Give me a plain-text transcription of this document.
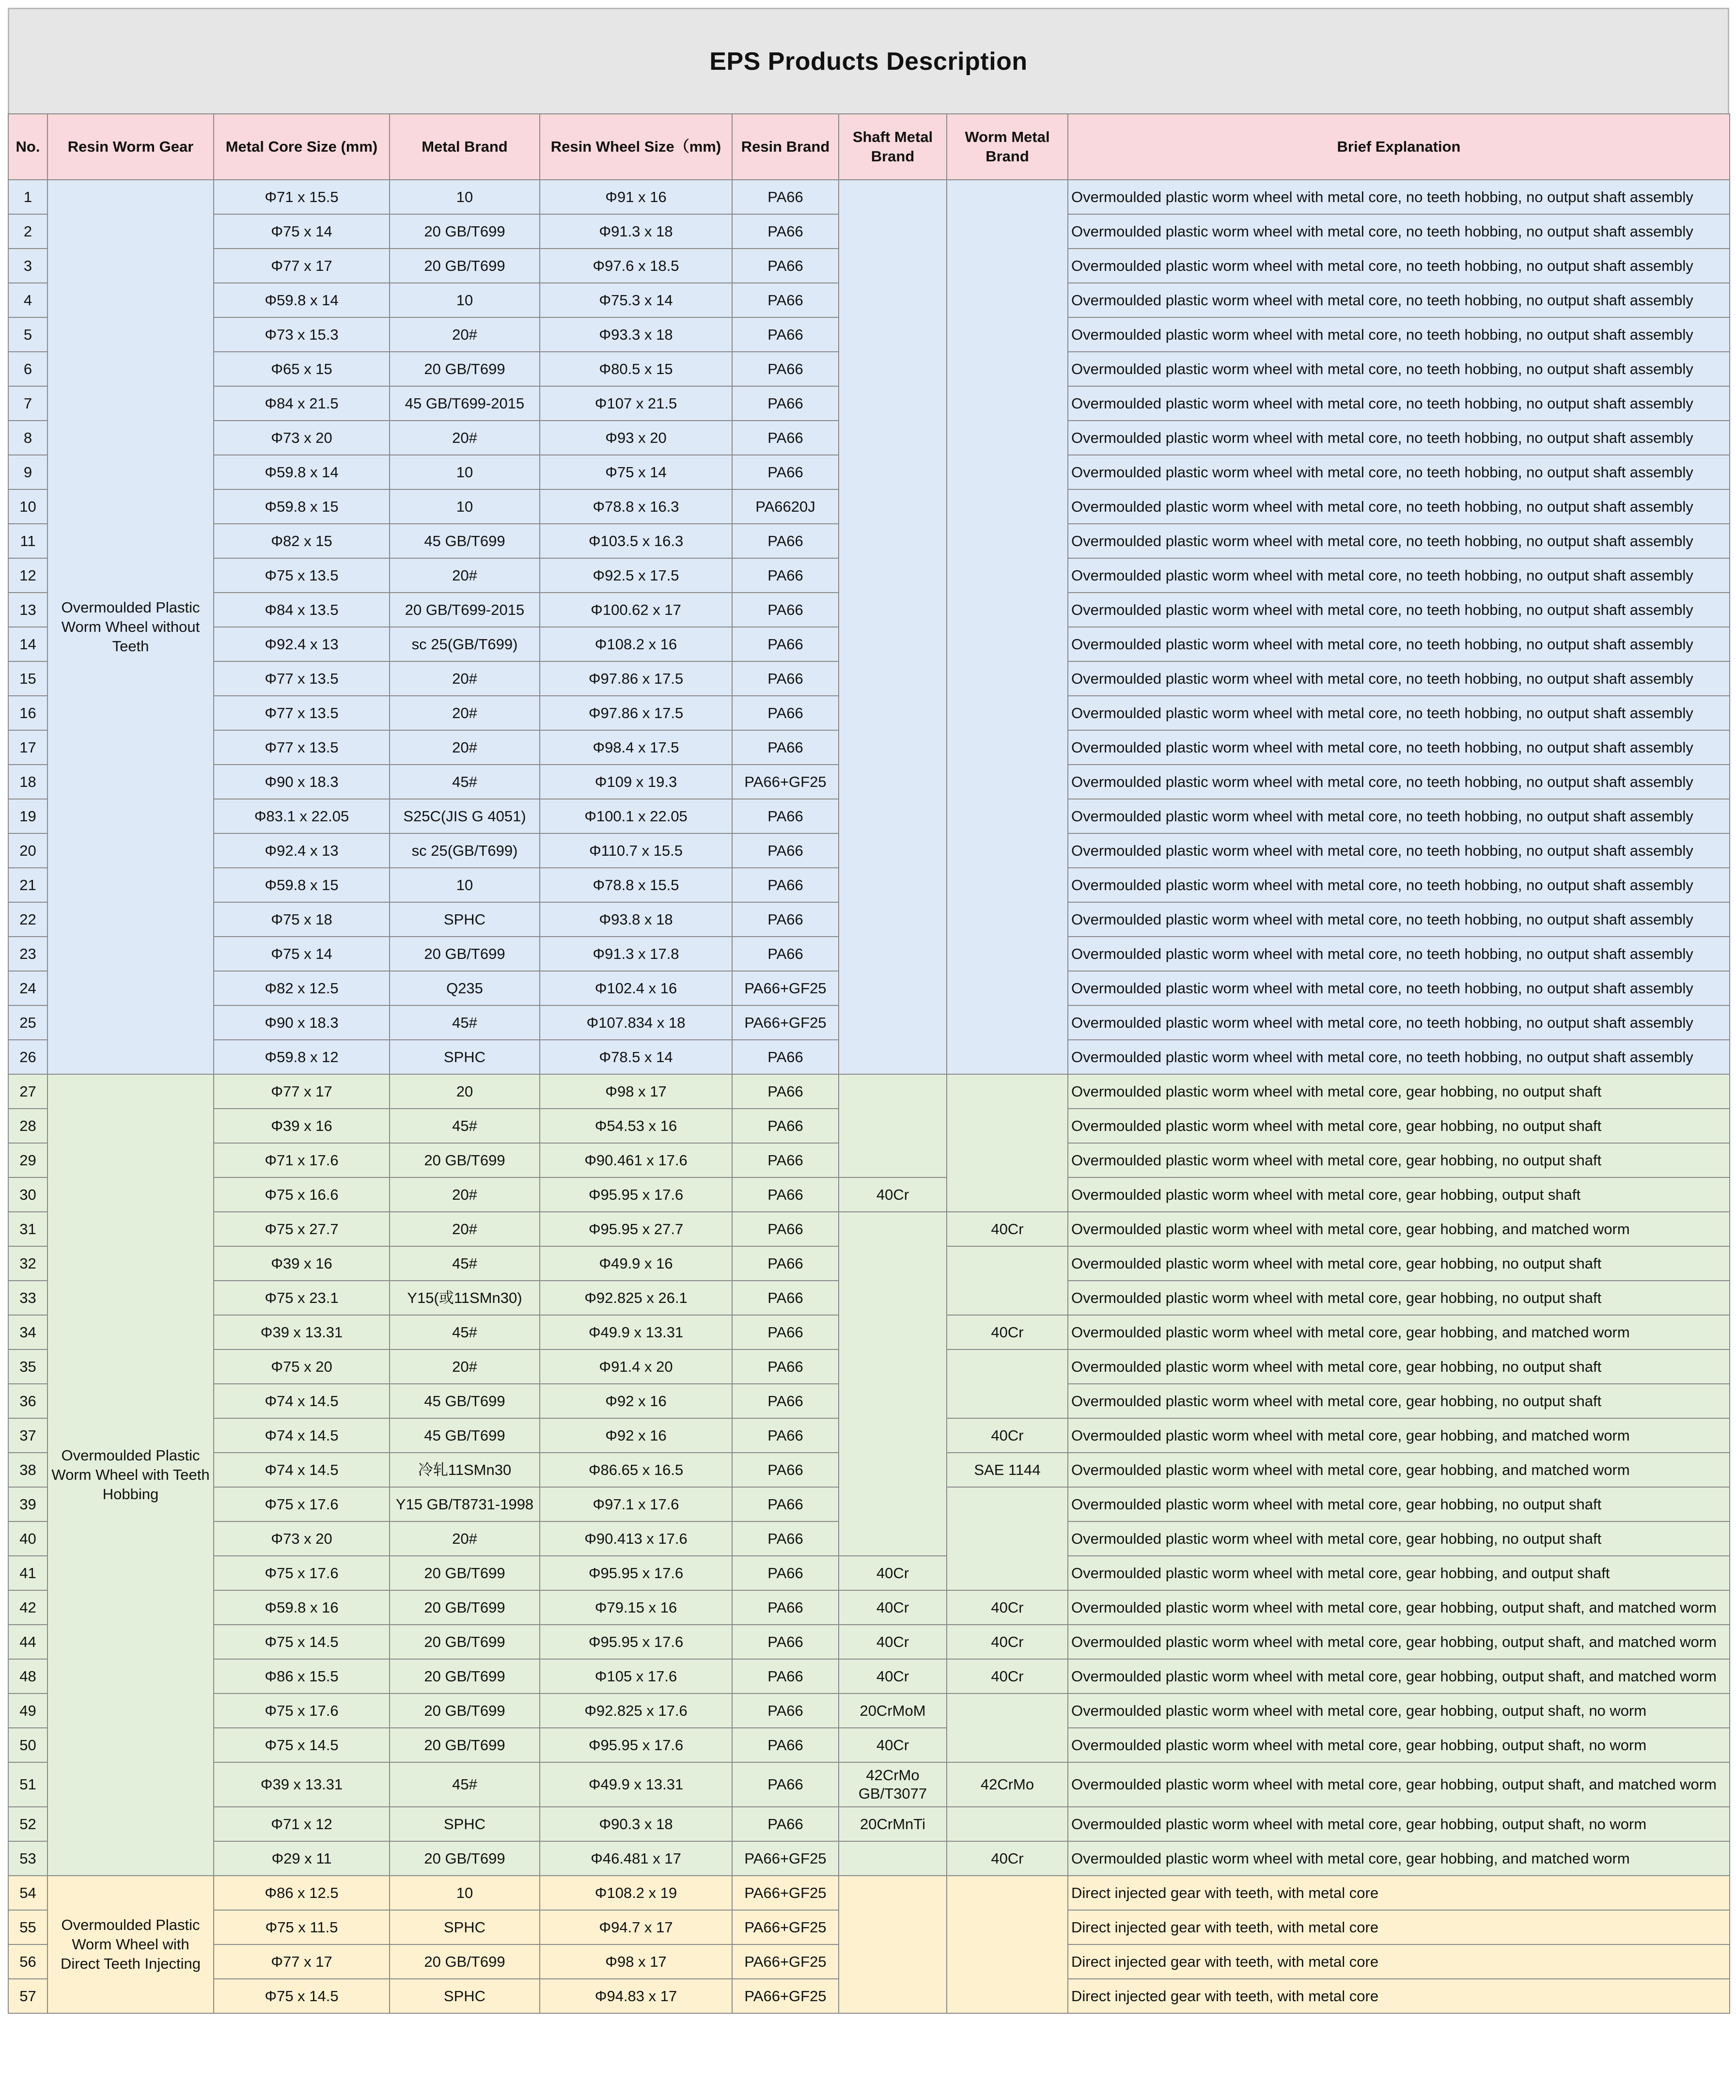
EPS Products Description
No.	Resin Worm Gear	Metal Core Size (mm)	Metal Brand	Resin Wheel Size（mm)	Resin Brand	Shaft Metal Brand	Worm Metal Brand	Brief Explanation
1	Overmoulded Plastic Worm Wheel without Teeth	Φ71 x 15.5	10	Φ91 x 16	PA66			Overmoulded plastic worm wheel with metal core, no teeth hobbing, no output shaft assembly
2		Φ75 x 14	20 GB/T699	Φ91.3 x 18	PA66			Overmoulded plastic worm wheel with metal core, no teeth hobbing, no output shaft assembly
3		Φ77 x 17	20 GB/T699	Φ97.6 x 18.5	PA66			Overmoulded plastic worm wheel with metal core, no teeth hobbing, no output shaft assembly
4		Φ59.8 x 14	10	Φ75.3 x 14	PA66			Overmoulded plastic worm wheel with metal core, no teeth hobbing, no output shaft assembly
5		Φ73 x 15.3	20#	Φ93.3 x 18	PA66			Overmoulded plastic worm wheel with metal core, no teeth hobbing, no output shaft assembly
6		Φ65 x 15	20 GB/T699	Φ80.5 x 15	PA66			Overmoulded plastic worm wheel with metal core, no teeth hobbing, no output shaft assembly
7		Φ84 x 21.5	45 GB/T699-2015	Φ107 x 21.5	PA66			Overmoulded plastic worm wheel with metal core, no teeth hobbing, no output shaft assembly
8		Φ73 x 20	20#	Φ93 x 20	PA66			Overmoulded plastic worm wheel with metal core, no teeth hobbing, no output shaft assembly
9		Φ59.8 x 14	10	Φ75 x 14	PA66			Overmoulded plastic worm wheel with metal core, no teeth hobbing, no output shaft assembly
10		Φ59.8 x 15	10	Φ78.8 x 16.3	PA6620J			Overmoulded plastic worm wheel with metal core, no teeth hobbing, no output shaft assembly
11		Φ82 x 15	45 GB/T699	Φ103.5 x 16.3	PA66			Overmoulded plastic worm wheel with metal core, no teeth hobbing, no output shaft assembly
12		Φ75 x 13.5	20#	Φ92.5 x 17.5	PA66			Overmoulded plastic worm wheel with metal core, no teeth hobbing, no output shaft assembly
13		Φ84 x 13.5	20 GB/T699-2015	Φ100.62 x 17	PA66			Overmoulded plastic worm wheel with metal core, no teeth hobbing, no output shaft assembly
14		Φ92.4 x 13	sc 25(GB/T699)	Φ108.2 x 16	PA66			Overmoulded plastic worm wheel with metal core, no teeth hobbing, no output shaft assembly
15		Φ77 x 13.5	20#	Φ97.86 x 17.5	PA66			Overmoulded plastic worm wheel with metal core, no teeth hobbing, no output shaft assembly
16		Φ77 x 13.5	20#	Φ97.86 x 17.5	PA66			Overmoulded plastic worm wheel with metal core, no teeth hobbing, no output shaft assembly
17		Φ77 x 13.5	20#	Φ98.4 x 17.5	PA66			Overmoulded plastic worm wheel with metal core, no teeth hobbing, no output shaft assembly
18		Φ90 x 18.3	45#	Φ109 x 19.3	PA66+GF25			Overmoulded plastic worm wheel with metal core, no teeth hobbing, no output shaft assembly
19		Φ83.1 x 22.05	S25C(JIS G 4051)	Φ100.1 x 22.05	PA66			Overmoulded plastic worm wheel with metal core, no teeth hobbing, no output shaft assembly
20		Φ92.4 x 13	sc 25(GB/T699)	Φ110.7 x 15.5	PA66			Overmoulded plastic worm wheel with metal core, no teeth hobbing, no output shaft assembly
21		Φ59.8 x 15	10	Φ78.8 x 15.5	PA66			Overmoulded plastic worm wheel with metal core, no teeth hobbing, no output shaft assembly
22		Φ75 x 18	SPHC	Φ93.8 x 18	PA66			Overmoulded plastic worm wheel with metal core, no teeth hobbing, no output shaft assembly
23		Φ75 x 14	20 GB/T699	Φ91.3 x 17.8	PA66			Overmoulded plastic worm wheel with metal core, no teeth hobbing, no output shaft assembly
24		Φ82 x 12.5	Q235	Φ102.4 x 16	PA66+GF25			Overmoulded plastic worm wheel with metal core, no teeth hobbing, no output shaft assembly
25		Φ90 x 18.3	45#	Φ107.834 x 18	PA66+GF25			Overmoulded plastic worm wheel with metal core, no teeth hobbing, no output shaft assembly
26		Φ59.8 x 12	SPHC	Φ78.5 x 14	PA66			Overmoulded plastic worm wheel with metal core, no teeth hobbing, no output shaft assembly
27	Overmoulded Plastic Worm Wheel with Teeth Hobbing	Φ77 x 17	20	Φ98 x 17	PA66			Overmoulded plastic worm wheel with metal core, gear hobbing, no output shaft
28		Φ39 x 16	45#	Φ54.53 x 16	PA66			Overmoulded plastic worm wheel with metal core, gear hobbing, no output shaft
29		Φ71 x 17.6	20 GB/T699	Φ90.461 x 17.6	PA66			Overmoulded plastic worm wheel with metal core, gear hobbing, no output shaft
30		Φ75 x 16.6	20#	Φ95.95 x 17.6	PA66	40Cr		Overmoulded plastic worm wheel with metal core, gear hobbing, output shaft
31		Φ75 x 27.7	20#	Φ95.95 x 27.7	PA66		40Cr	Overmoulded plastic worm wheel with metal core, gear hobbing, and matched worm
32		Φ39 x 16	45#	Φ49.9 x 16	PA66			Overmoulded plastic worm wheel with metal core, gear hobbing, no output shaft
33		Φ75 x 23.1	Y15(或11SMn30)	Φ92.825 x 26.1	PA66			Overmoulded plastic worm wheel with metal core, gear hobbing, no output shaft
34		Φ39 x 13.31	45#	Φ49.9 x 13.31	PA66		40Cr	Overmoulded plastic worm wheel with metal core, gear hobbing, and matched worm
35		Φ75 x 20	20#	Φ91.4 x 20	PA66			Overmoulded plastic worm wheel with metal core, gear hobbing, no output shaft
36		Φ74 x 14.5	45 GB/T699	Φ92 x 16	PA66			Overmoulded plastic worm wheel with metal core, gear hobbing, no output shaft
37		Φ74 x 14.5	45 GB/T699	Φ92 x 16	PA66		40Cr	Overmoulded plastic worm wheel with metal core, gear hobbing, and matched worm
38		Φ74 x 14.5	冷轧11SMn30	Φ86.65 x 16.5	PA66		SAE 1144	Overmoulded plastic worm wheel with metal core, gear hobbing, and matched worm
39		Φ75 x 17.6	Y15 GB/T8731-1998	Φ97.1 x 17.6	PA66			Overmoulded plastic worm wheel with metal core, gear hobbing, no output shaft
40		Φ73 x 20	20#	Φ90.413 x 17.6	PA66			Overmoulded plastic worm wheel with metal core, gear hobbing, no output shaft
41		Φ75 x 17.6	20 GB/T699	Φ95.95 x 17.6	PA66	40Cr		Overmoulded plastic worm wheel with metal core, gear hobbing, and output shaft
42		Φ59.8 x 16	20 GB/T699	Φ79.15 x 16	PA66	40Cr	40Cr	Overmoulded plastic worm wheel with metal core, gear hobbing, output shaft, and matched worm
44		Φ75 x 14.5	20 GB/T699	Φ95.95 x 17.6	PA66	40Cr	40Cr	Overmoulded plastic worm wheel with metal core, gear hobbing, output shaft, and matched worm
48		Φ86 x 15.5	20 GB/T699	Φ105 x 17.6	PA66	40Cr	40Cr	Overmoulded plastic worm wheel with metal core, gear hobbing, output shaft, and matched worm
49		Φ75 x 17.6	20 GB/T699	Φ92.825 x 17.6	PA66	20CrMoM		Overmoulded plastic worm wheel with metal core, gear hobbing, output shaft, no worm
50		Φ75 x 14.5	20 GB/T699	Φ95.95 x 17.6	PA66	40Cr		Overmoulded plastic worm wheel with metal core, gear hobbing, output shaft, no worm
51		Φ39 x 13.31	45#	Φ49.9 x 13.31	PA66	42CrMo GB/T3077	42CrMo	Overmoulded plastic worm wheel with metal core, gear hobbing, output shaft, and matched worm
52		Φ71 x 12	SPHC	Φ90.3 x 18	PA66	20CrMnTi		Overmoulded plastic worm wheel with metal core, gear hobbing, output shaft, no worm
53		Φ29 x 11	20 GB/T699	Φ46.481 x 17	PA66+GF25		40Cr	Overmoulded plastic worm wheel with metal core, gear hobbing, and matched worm
54	Overmoulded Plastic Worm Wheel with Direct Teeth Injecting	Φ86 x 12.5	10	Φ108.2 x 19	PA66+GF25			Direct injected gear with teeth, with metal core
55		Φ75 x 11.5	SPHC	Φ94.7 x 17	PA66+GF25			Direct injected gear with teeth, with metal core
56		Φ77 x 17	20 GB/T699	Φ98 x 17	PA66+GF25			Direct injected gear with teeth, with metal core
57		Φ75 x 14.5	SPHC	Φ94.83 x 17	PA66+GF25			Direct injected gear with teeth, with metal core
